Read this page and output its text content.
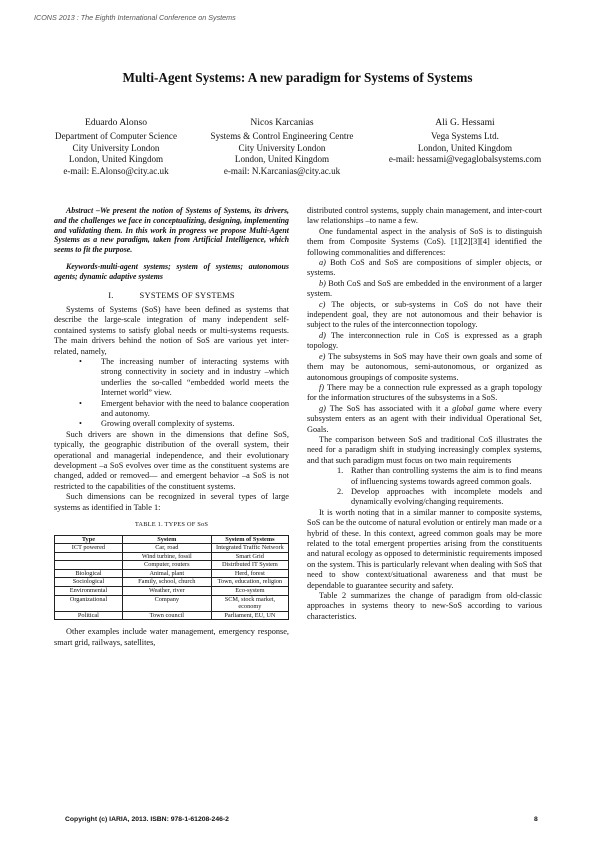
ICONS 2013 : The Eighth International Conference on Systems
Multi-Agent Systems: A new paradigm for Systems of Systems
Eduardo Alonso
Department of Computer Science
City University London
London, United Kingdom
e-mail: E.Alonso@city.ac.uk
Nicos Karcanias
Systems & Control Engineering Centre
City University London
London, United Kingdom
e-mail: N.Karcanias@city.ac.uk
Ali G. Hessami
Vega Systems Ltd.
London, United Kingdom
e-mail: hessami@vegaglobalsystems.com

Abstract –We present the notion of Systems of Systems, its drivers, and the challenges we face in conceptualizing, designing, implementing and validating them. In this work in progress we propose Multi-Agent Systems as a new paradigm, taken from Artificial Intelligence, which seems to fit the purpose.

Keywords-multi-agent systems; system of systems; autonomous agents; dynamic adaptive systems

I.	SYSTEMS OF SYSTEMS

Systems of Systems (SoS) have been defined as systems that describe the large-scale integration of many independent self-contained systems to satisfy global needs or multi-systems requests. The main drivers behind the notion of SoS are various yet inter-related, namely,

• The increasing number of interacting systems with strong connectivity in society and in industry –which underlies the so-called “embedded world meets the Internet world” view.
• Emergent behavior with the need to balance cooperation and autonomy.
• Growing overall complexity of systems.

Such drivers are shown in the dimensions that define SoS, typically, the geographic distribution of the overall system, their operational and managerial independence, and their evolutionary development –a SoS evolves over time as the constituent systems are changed, added or removed— and emergent behavior –a SoS is not restricted to the capabilities of the constituent systems.

Such dimensions can be recognized in several types of large systems as identified in Table 1:

TABLE 1. TYPES OF SoS

Type	System	System of Systems
ICT powered	Car, road	Integrated Traffic Network
	Wind turbine, fossil	Smart Grid
	Computer, routers	Distributed IT System
Biological	Animal, plant	Herd, forest
Sociological	Family, school, church	Town, education, religion
Environmental	Weather, river	Eco-system
Organizational	Company	SCM, stock market, economy
Political	Town council	Parliament, EU, UN

Other examples include water management, emergency response, smart grid, railways, satellites,

distributed control systems, supply chain management, and inter-court law relationships –to name a few.

One fundamental aspect in the analysis of SoS is to distinguish them from Composite Systems (CoS). [1][2][3][4] identified the following commonalities and differences:

a) Both CoS and SoS are compositions of simpler objects, or systems.

b) Both CoS and SoS are embedded in the environment of a larger system.

c) The objects, or sub-systems in CoS do not have their independent goal, they are not autonomous and their behavior is subject to the rules of the interconnection topology.

d) The interconnection rule in CoS is expressed as a graph topology.

e) The subsystems in SoS may have their own goals and some of them may be autonomous, semi-autonomous, or organized as autonomous groupings of composite systems.

f) There may be a connection rule expressed as a graph topology for the information structures of the subsystems in a SoS.

g) The SoS has associated with it a global game where every subsystem enters as an agent with their individual Operational Set, Goals.

The comparison between SoS and traditional CoS illustrates the need for a paradigm shift in studying increasingly complex systems, and that such paradigm must focus on two main requirements

1. Rather than controlling systems the aim is to find means of influencing systems towards agreed common goals.
2. Develop approaches with incomplete models and dynamically evolving/changing requirements.

It is worth noting that in a similar manner to composite systems, SoS can be the outcome of natural evolution or entirely man made or a hybrid of these. In this context, agreed common goals may be more related to the total emergent properties arising from the constituents and natural ecology as opposed to deterministic requirements imposed on the system. This is particularly relevant when dealing with SoS that need to show context/situational awareness and that must be dependable to guarantee security and safety.

Table 2 summarizes the change of paradigm from old-classic approaches in systems theory to new-SoS according to various characteristics.

Copyright (c) IARIA, 2013. ISBN: 978-1-61208-246-2	8
